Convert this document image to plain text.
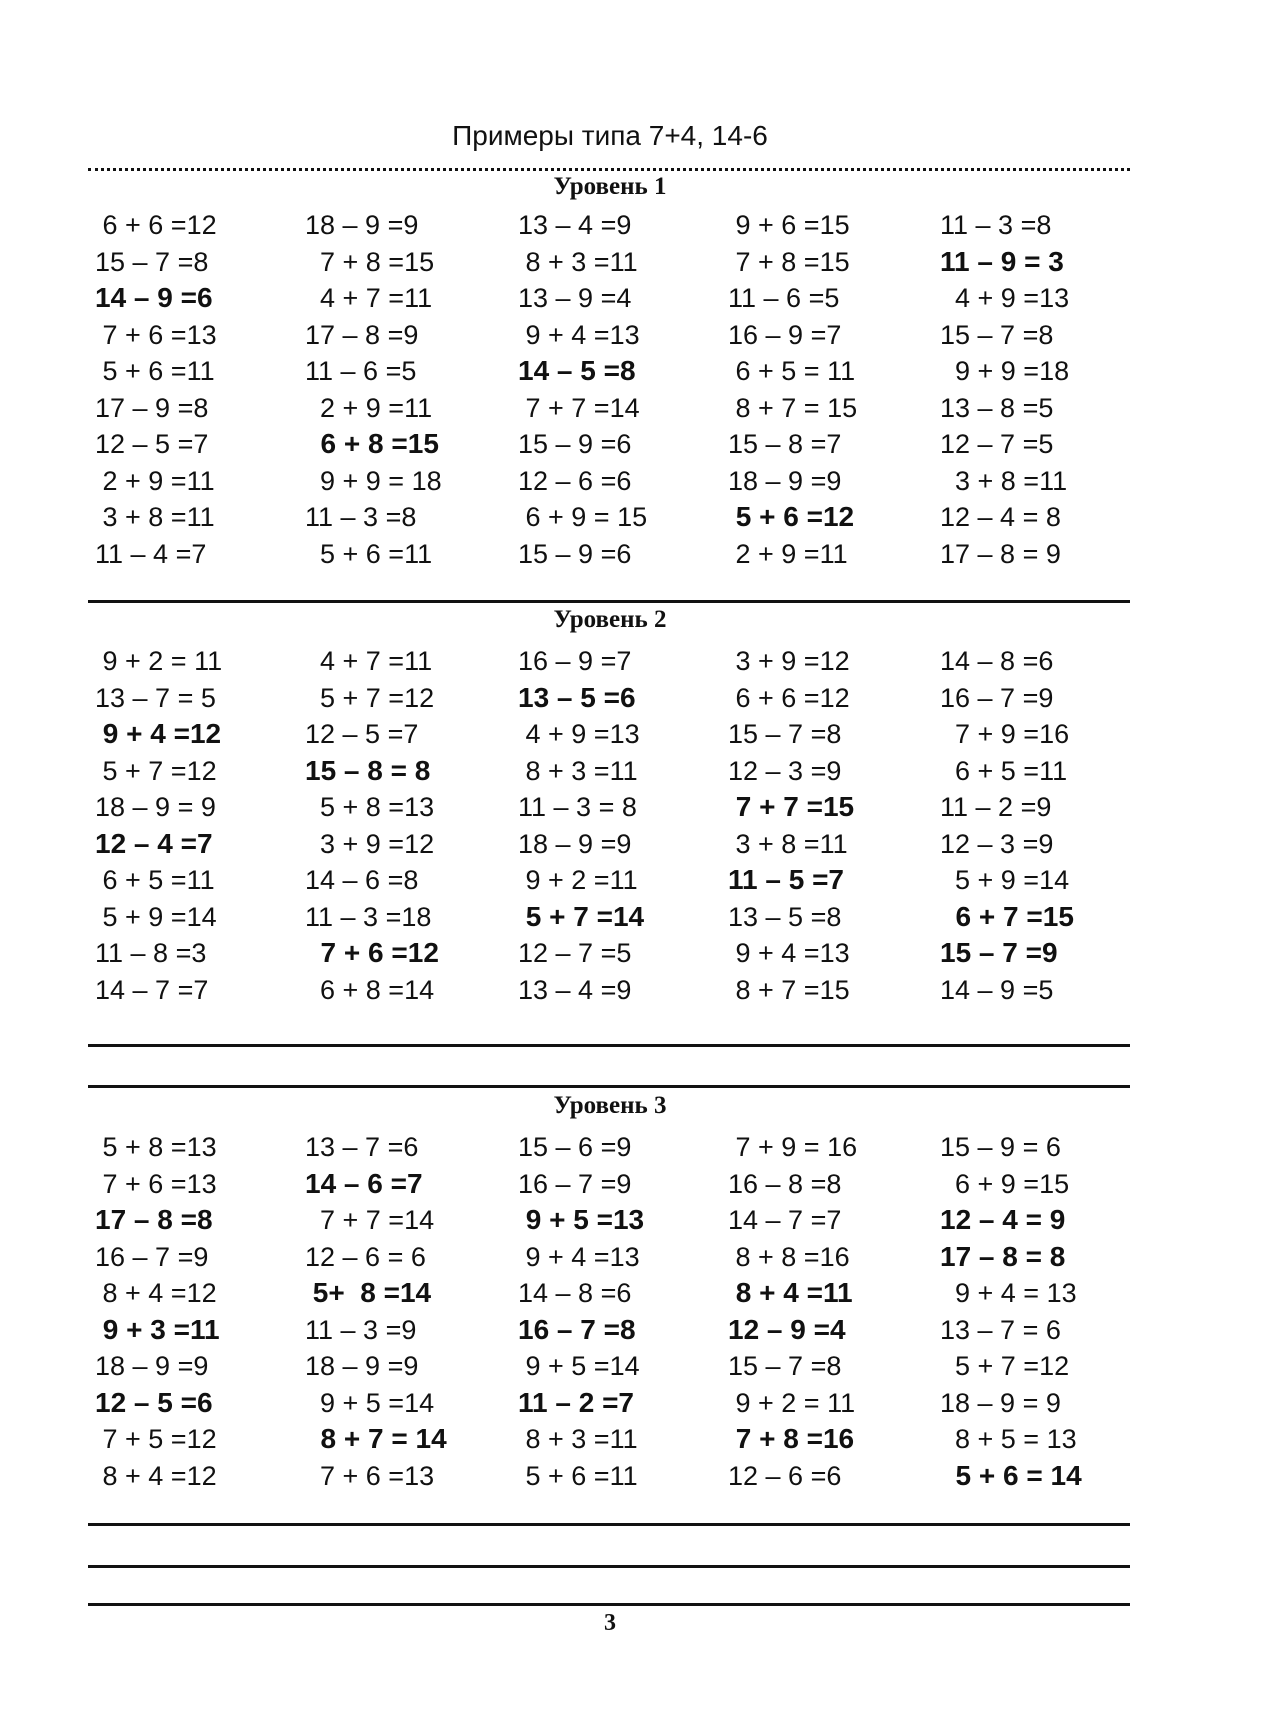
Примеры типа 7+4, 14-6
Уровень 1
6 + 6 =12	18 – 9 =9	13 – 4 =9	9 + 6 =15	11 – 3 =8
15 – 7 =8	7 + 8 =15	8 + 3 =11	7 + 8 =15	11 – 9 = 3
14 – 9 =6	4 + 7 =11	13 – 9 =4	11 – 6 =5	4 + 9 =13
7 + 6 =13	17 – 8 =9	9 + 4 =13	16 – 9 =7	15 – 7 =8
5 + 6 =11	11 – 6 =5	14 – 5 =8	6 + 5 = 11	9 + 9 =18
17 – 9 =8	2 + 9 =11	7 + 7 =14	8 + 7 = 15	13 – 8 =5
12 – 5 =7	6 + 8 =15	15 – 9 =6	15 – 8 =7	12 – 7 =5
2 + 9 =11	9 + 9 = 18	12 – 6 =6	18 – 9 =9	3 + 8 =11
3 + 8 =11	11 – 3 =8	6 + 9 = 15	5 + 6 =12	12 – 4 = 8
11 – 4 =7	5 + 6 =11	15 – 9 =6	2 + 9 =11	17 – 8 = 9
Уровень 2
9 + 2 = 11	4 + 7 =11	16 – 9 =7	3 + 9 =12	14 – 8 =6
13 – 7 = 5	5 + 7 =12	13 – 5 =6	6 + 6 =12	16 – 7 =9
9 + 4 =12	12 – 5 =7	4 + 9 =13	15 – 7 =8	7 + 9 =16
5 + 7 =12	15 – 8 = 8	8 + 3 =11	12 – 3 =9	6 + 5 =11
18 – 9 = 9	5 + 8 =13	11 – 3 = 8	7 + 7 =15	11 – 2 =9
12 – 4 =7	3 + 9 =12	18 – 9 =9	3 + 8 =11	12 – 3 =9
6 + 5 =11	14 – 6 =8	9 + 2 =11	11 – 5 =7	5 + 9 =14
5 + 9 =14	11 – 3 =18	5 + 7 =14	13 – 5 =8	6 + 7 =15
11 – 8 =3	7 + 6 =12	12 – 7 =5	9 + 4 =13	15 – 7 =9
14 – 7 =7	6 + 8 =14	13 – 4 =9	8 + 7 =15	14 – 9 =5
Уровень 3
5 + 8 =13	13 – 7 =6	15 – 6 =9	7 + 9 = 16	15 – 9 = 6
7 + 6 =13	14 – 6 =7	16 – 7 =9	16 – 8 =8	6 + 9 =15
17 – 8 =8	7 + 7 =14	9 + 5 =13	14 – 7 =7	12 – 4 = 9
16 – 7 =9	12 – 6 = 6	9 + 4 =13	8 + 8 =16	17 – 8 = 8
8 + 4 =12	5+  8 =14	14 – 8 =6	8 + 4 =11	9 + 4 = 13
9 + 3 =11	11 – 3 =9	16 – 7 =8	12 – 9 =4	13 – 7 = 6
18 – 9 =9	18 – 9 =9	9 + 5 =14	15 – 7 =8	5 + 7 =12
12 – 5 =6	9 + 5 =14	11 – 2 =7	9 + 2 = 11	18 – 9 = 9
7 + 5 =12	8 + 7 = 14	8 + 3 =11	7 + 8 =16	8 + 5 = 13
8 + 4 =12	7 + 6 =13	5 + 6 =11	12 – 6 =6	5 + 6 = 14
3
